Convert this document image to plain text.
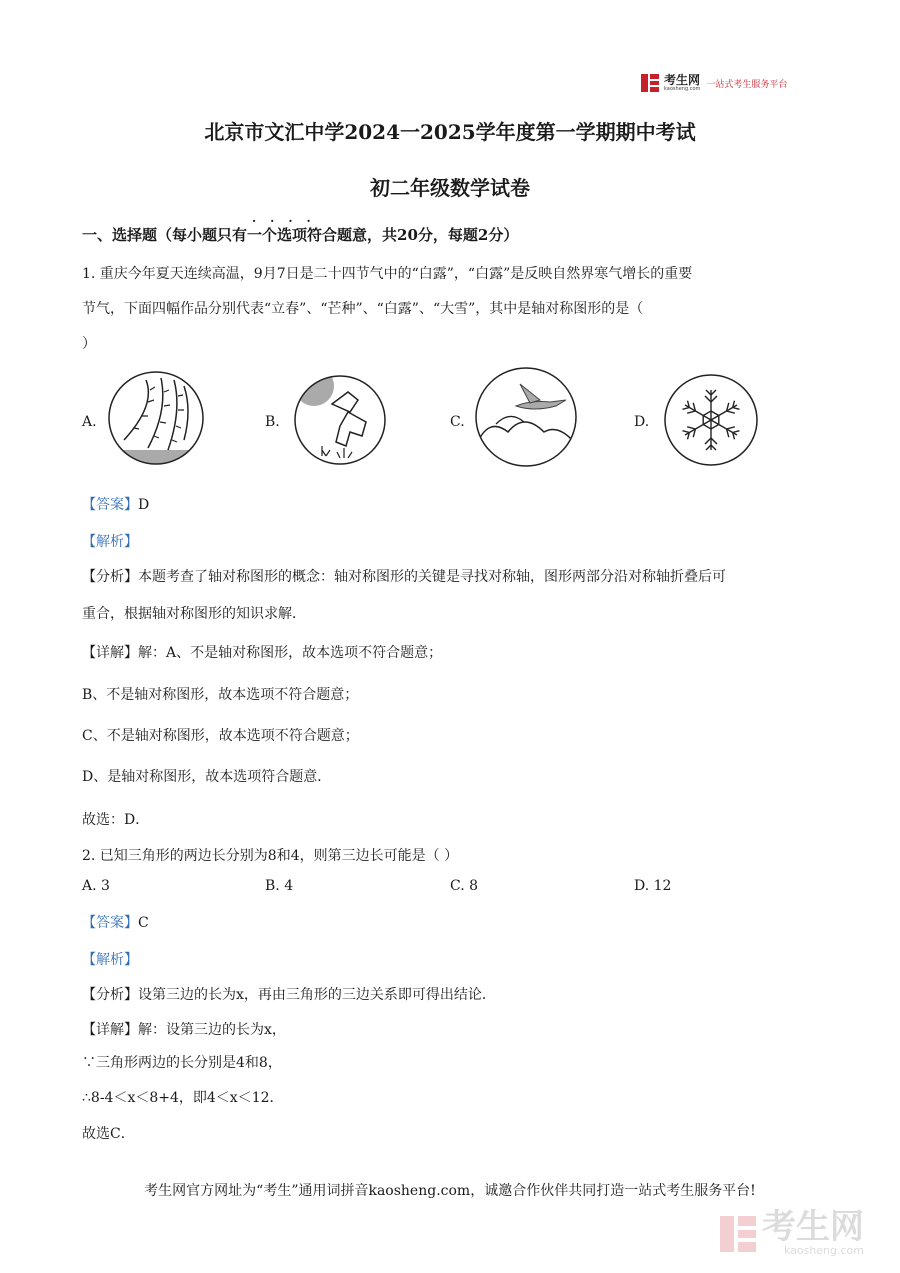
考生网
kaosheng.com 一站式考生服务平台
北京市文汇中学2024一2025学年度第一学期期中考试
初二年级数学试卷
····
一、选择题（每小题只有一个选项符合题意，共20分，每题2分）
1. 重庆今年夏天连续高温，9月7日是二十四节气中的“白露”，“白露”是反映自然界寒气增长的重要
节气，下面四幅作品分别代表“立春”、“芒种”、“白露”、“大雪”，其中是轴对称图形的是（
）
A.	B.	C.	D.
【答案】D
【解析】
【分析】本题考查了轴对称图形的概念：轴对称图形的关键是寻找对称轴，图形两部分沿对称轴折叠后可
重合，根据轴对称图形的知识求解．
【详解】解：A、不是轴对称图形，故本选项不符合题意；
B、不是轴对称图形，故本选项不符合题意；
C、不是轴对称图形，故本选项不符合题意；
D、是轴对称图形，故本选项符合题意．
故选：D．
2. 已知三角形的两边长分别为8和4，则第三边长可能是（ ）
A. 3	B. 4	C. 8	D. 12
【答案】C
【解析】
【分析】设第三边的长为x，再由三角形的三边关系即可得出结论．
【详解】解：设第三边的长为x，
∵三角形两边的长分别是4和8，
∴8-4＜x＜8+4，即4＜x＜12．
故选C．
考生网官方网址为“考生”通用词拼音kaosheng.com，诚邀合作伙伴共同打造一站式考生服务平台!
考生网
kaosheng.com
